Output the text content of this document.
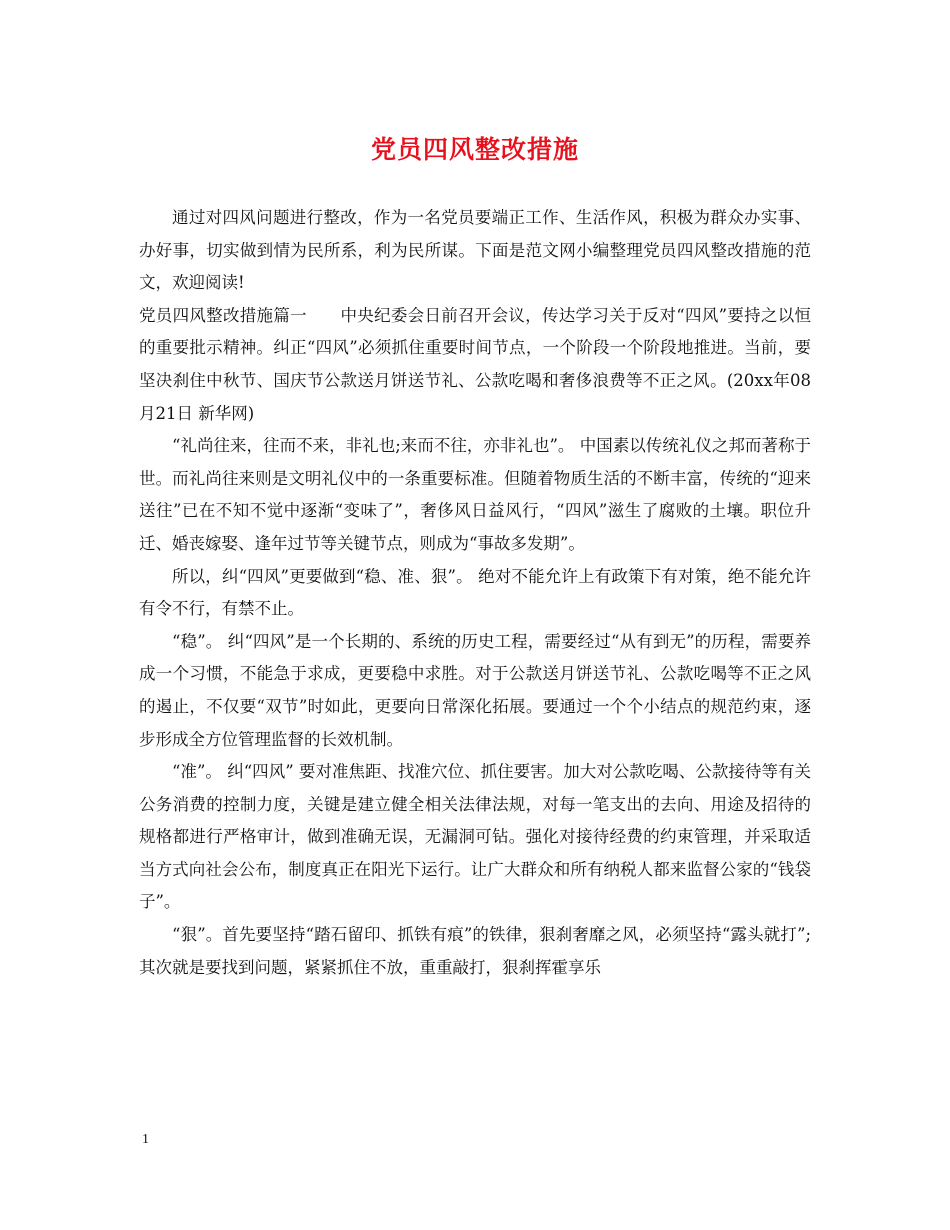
党员四风整改措施

通过对四风问题进行整改，作为一名党员要端正工作、生活作风，积极为群众办实事、办好事，切实做到情为民所系，利为民所谋。下面是范文网小编整理党员四风整改措施的范文，欢迎阅读!

党员四风整改措施篇一　　中央纪委会日前召开会议，传达学习关于反对“四风”要持之以恒的重要批示精神。纠正“四风”必须抓住重要时间节点，一个阶段一个阶段地推进。当前，要坚决刹住中秋节、国庆节公款送月饼送节礼、公款吃喝和奢侈浪费等不正之风。(20xx年08月21日 新华网)

“礼尚往来，往而不来，非礼也;来而不往，亦非礼也”。 中国素以传统礼仪之邦而著称于世。而礼尚往来则是文明礼仪中的一条重要标准。但随着物质生活的不断丰富，传统的“迎来送往”已在不知不觉中逐渐“变味了”，奢侈风日益风行，“四风”滋生了腐败的土壤。职位升迁、婚丧嫁娶、逢年过节等关键节点，则成为“事故多发期”。

所以，纠“四风”更要做到“稳、准、狠”。 绝对不能允许上有政策下有对策，绝不能允许有令不行，有禁不止。

“稳”。 纠“四风”是一个长期的、系统的历史工程，需要经过“从有到无”的历程，需要养成一个习惯，不能急于求成，更要稳中求胜。对于公款送月饼送节礼、公款吃喝等不正之风的遏止，不仅要“双节”时如此，更要向日常深化拓展。要通过一个个小结点的规范约束，逐步形成全方位管理监督的长效机制。

“准”。 纠“四风” 要对准焦距、找准穴位、抓住要害。加大对公款吃喝、公款接待等有关公务消费的控制力度，关键是建立健全相关法律法规，对每一笔支出的去向、用途及招待的规格都进行严格审计，做到准确无误，无漏洞可钻。强化对接待经费的约束管理，并采取适当方式向社会公布，制度真正在阳光下运行。让广大群众和所有纳税人都来监督公家的“钱袋子”。

“狠”。首先要坚持“踏石留印、抓铁有痕”的铁律，狠刹奢靡之风，必须坚持“露头就打”; 其次就是要找到问题，紧紧抓住不放，重重敲打，狠刹挥霍享乐

1
